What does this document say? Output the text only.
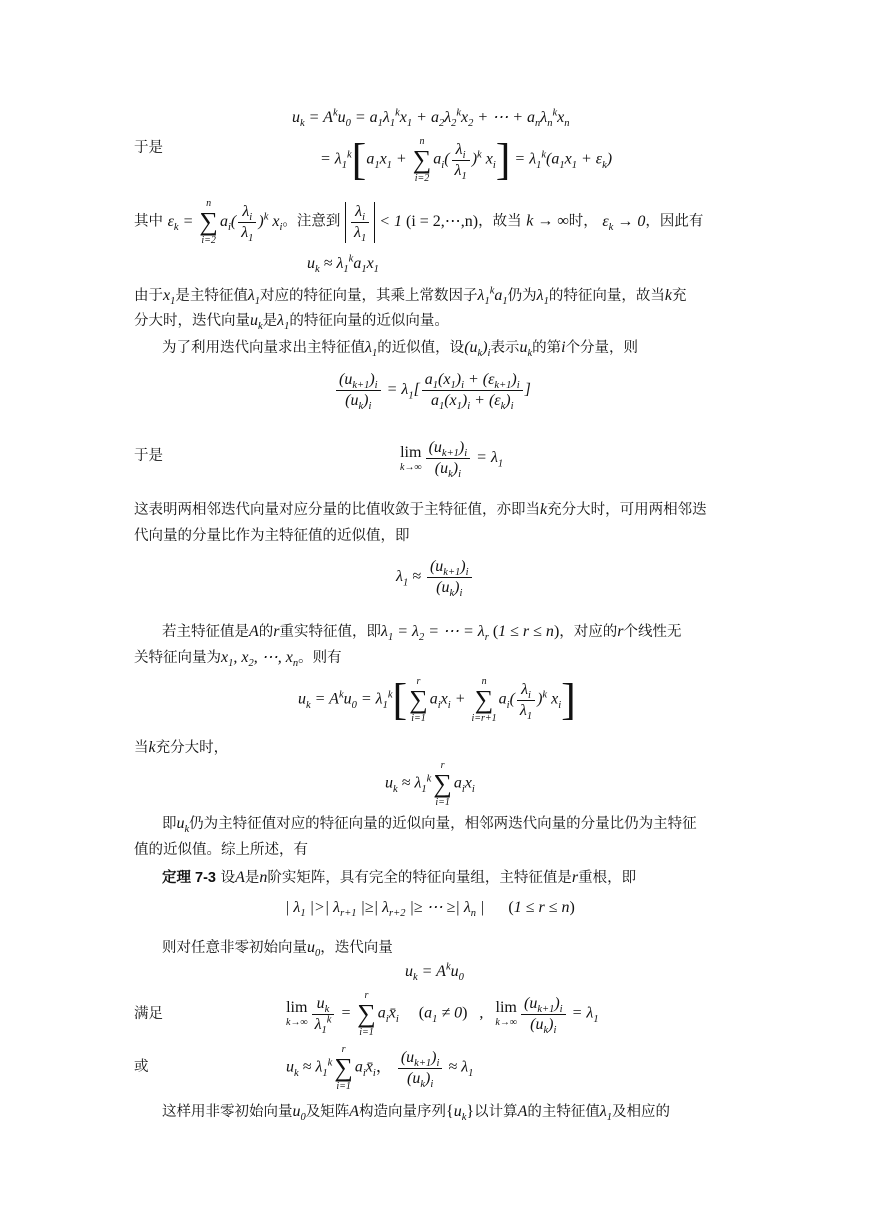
$u_k = A^ku_0 = a_1\lambda_1^kx_1 + a_2\lambda_2^kx_2$ + ⋯ + $a_n\lambda_n^kx_n$
于是
= $\lambda_1^k[a_1x_1$ +
n
∑
i=2
$a_i( \frac{\lambda_i}{\lambda_1} )^k$ $x_i] = \lambda_1^k(a_1x_1 + \varepsilon_k)$
其中 $\varepsilon_k$ =
n
∑
i=2
$a_i( \frac{\lambda_i}{\lambda_1} )^k$ $x_i$。注意到 $\frac{\lambda_i}{\lambda_1} < 1$ (i = 2,⋯,n)，故当 k → ∞时， $\varepsilon_k \to 0$，因此有
$u_k \approx \lambda_1^ka_1x_1$
由于$x_1$是主特征值$\lambda_1$对应的特征向量，其乘上常数因子$\lambda_1^ka_1$仍为$\lambda_1$的特征向量，故当k充
分大时，迭代向量$u_k$是$\lambda_1$的特征向量的近似向量。
为了利用迭代向量求出主特征值$\lambda_1$的近似值，设$(u_k)_i$表示$u_k$的第i个分量，则
$\frac{(u_{k+1})_i}{(u_k)_i} = \lambda_1[ \frac{a_1(x_1)_i + (\varepsilon_{k+1})_i}{a_1(x_1)_i + (\varepsilon_k)_i}$ ]
于是	lim
$k\to\infty \frac{(u_{k+1})_i}{(u_k)_i} = \lambda_1$
这表明两相邻迭代向量对应分量的比值收敛于主特征值，亦即当k充分大时，可用两相邻迭
代向量的分量比作为主特征值的近似值，即
$\lambda_1 \approx \frac{(u_{k+1})_i}{(u_k)_i}$
若主特征值是A的r重实特征值，即$\lambda_1 = \lambda_2$ = ⋯ = $\lambda_r$ (1 ≤ r ≤ n)，对应的r个线性无
关特征向量为$x_1$, $x_2$, ⋯, $x_n$。则有
$u_k = A^ku_0 = \lambda_1^k$[ r
∑
i=1
$a_ix_i$ +
n
∑
i=r+1
$a_i( \frac{\lambda_i}{\lambda_1} )^k$ $x_i$]
当k充分大时，
$u_k \approx \lambda_1^k$
r
∑
i=1
$a_ix_i$
即$u_k$仍为主特征值对应的特征向量的近似向量，相邻两迭代向量的分量比仍为主特征
值的近似值。综上所述，有
定理 7-3 设A是n阶实矩阵，具有完全的特征向量组，主特征值是r重根，即
| $\lambda_1$ |>| $\lambda_{r+1}$ |≥| $\lambda_{r+2}$ |≥ ⋯ ≥| $\lambda_n$ |      (1 ≤ r ≤ n)
则对任意非零初始向量$u_0$，迭代向量
$u_k = A^ku_0$
满足	lim
$k\to\infty \frac{u_k}{\lambda_1^k}$ =
r
∑
i=1
$a_ix̄_i$ $(a_1 \ne 0)$ , lim
$k\to\infty \frac{(u_{k+1})_i}{(u_k)_i} = \lambda_1$
或	$u_k \approx \lambda_1^k$
r
∑
i=1
$a_ix̄_i$， $\frac{(u_{k+1})_i}{(u_k)_i} \approx \lambda_1$
这样用非零初始向量$u_0$及矩阵A构造向量序列$\{u_k\}$以计算A的主特征值$\lambda_1$及相应的
